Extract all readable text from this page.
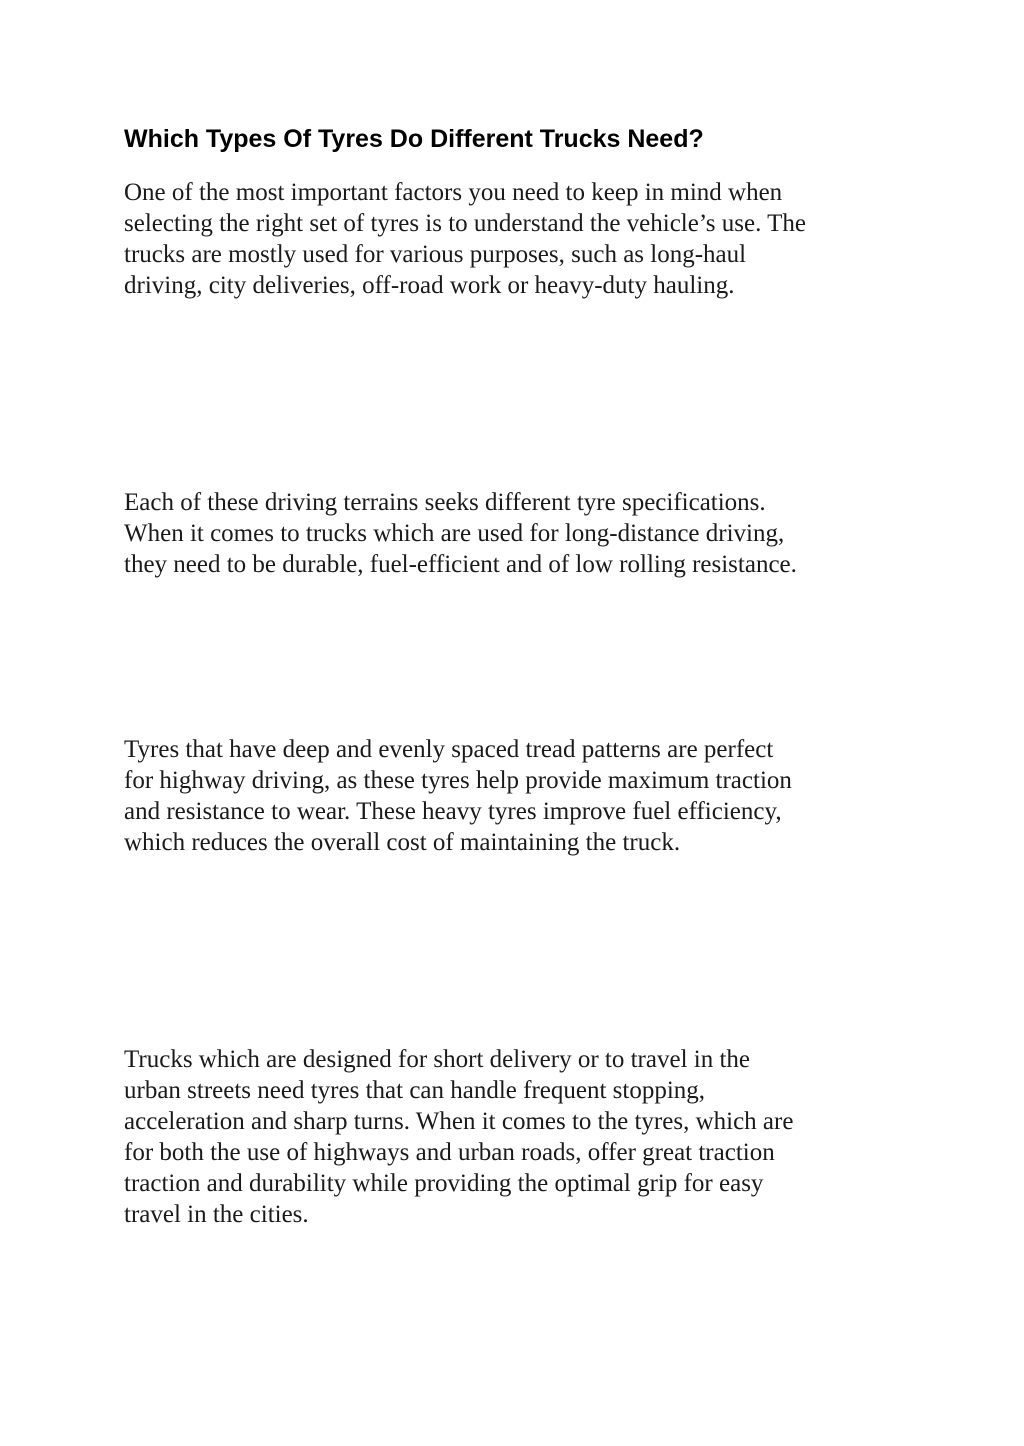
Which Types Of Tyres Do Different Trucks Need?

One of the most important factors you need to keep in mind when
selecting the right set of tyres is to understand the vehicle’s use. The
trucks are mostly used for various purposes, such as long-haul
driving, city deliveries, off-road work or heavy-duty hauling.

Each of these driving terrains seeks different tyre specifications.
When it comes to trucks which are used for long-distance driving,
they need to be durable, fuel-efficient and of low rolling resistance.

Tyres that have deep and evenly spaced tread patterns are perfect
for highway driving, as these tyres help provide maximum traction
and resistance to wear. These heavy tyres improve fuel efficiency,
which reduces the overall cost of maintaining the truck.

Trucks which are designed for short delivery or to travel in the
urban streets need tyres that can handle frequent stopping,
acceleration and sharp turns. When it comes to the tyres, which are
for both the use of highways and urban roads, offer great traction
traction and durability while providing the optimal grip for easy
travel in the cities.
